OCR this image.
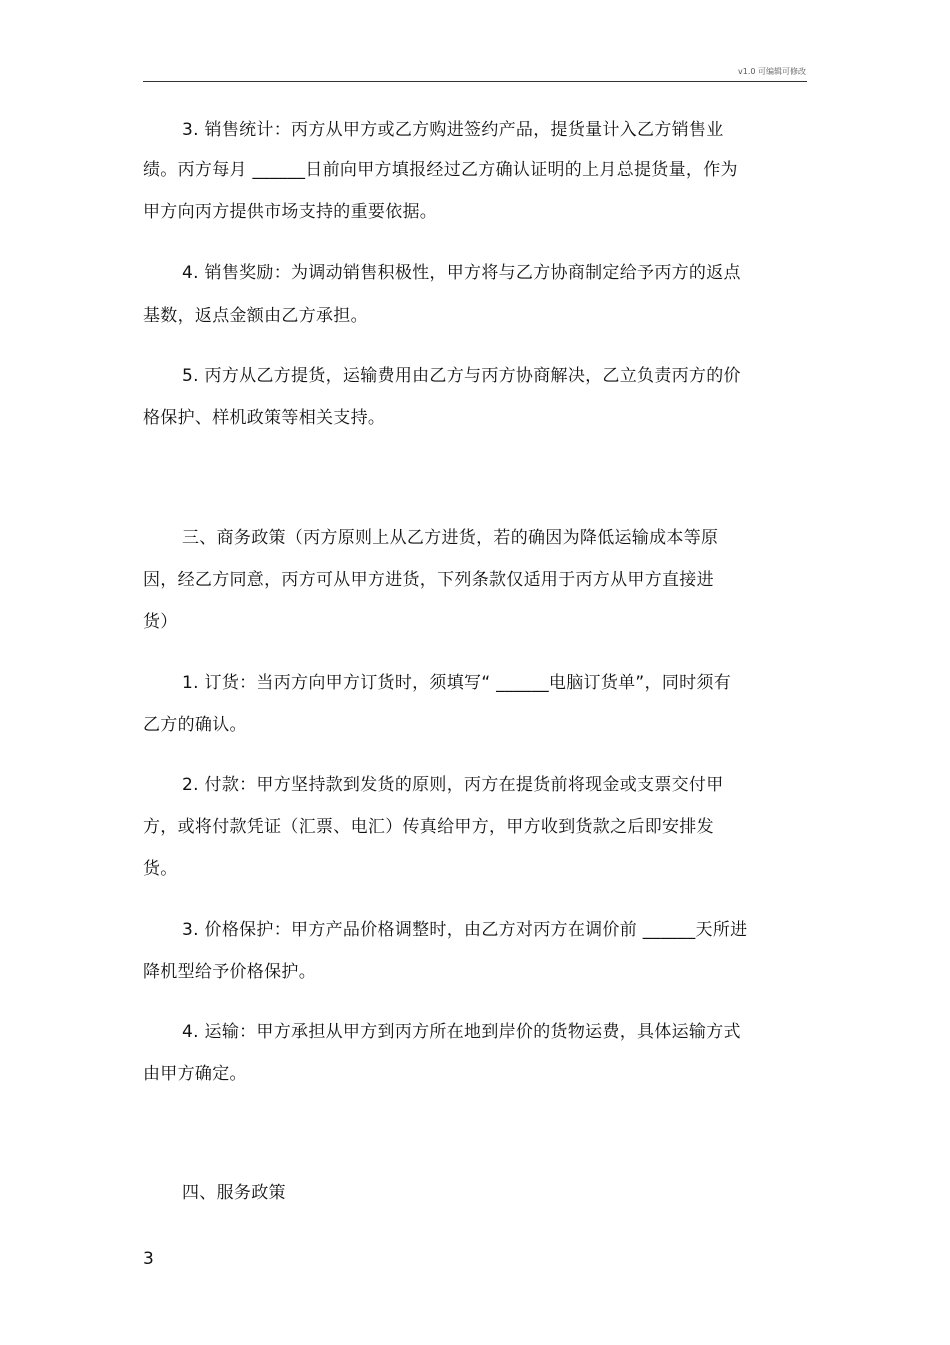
v1.0 可编辑可修改
3. 销售统计：丙方从甲方或乙方购进签约产品，提货量计入乙方销售业
绩。丙方每月 ______日前向甲方填报经过乙方确认证明的上月总提货量，作为
甲方向丙方提供市场支持的重要依据。
4. 销售奖励：为调动销售积极性，甲方将与乙方协商制定给予丙方的返点
基数，返点金额由乙方承担。
5. 丙方从乙方提货，运输费用由乙方与丙方协商解决，乙立负责丙方的价
格保护、样机政策等相关支持。
三、商务政策（丙方原则上从乙方进货，若的确因为降低运输成本等原
因，经乙方同意，丙方可从甲方进货，下列条款仅适用于丙方从甲方直接进
货）
1. 订货：当丙方向甲方订货时，须填写“ ______电脑订货单”，同时须有
乙方的确认。
2. 付款：甲方坚持款到发货的原则，丙方在提货前将现金或支票交付甲
方，或将付款凭证（汇票、电汇）传真给甲方，甲方收到货款之后即安排发
货。
3. 价格保护：甲方产品价格调整时，由乙方对丙方在调价前 ______天所进
降机型给予价格保护。
4. 运输：甲方承担从甲方到丙方所在地到岸价的货物运费，具体运输方式
由甲方确定。
四、服务政策
3
